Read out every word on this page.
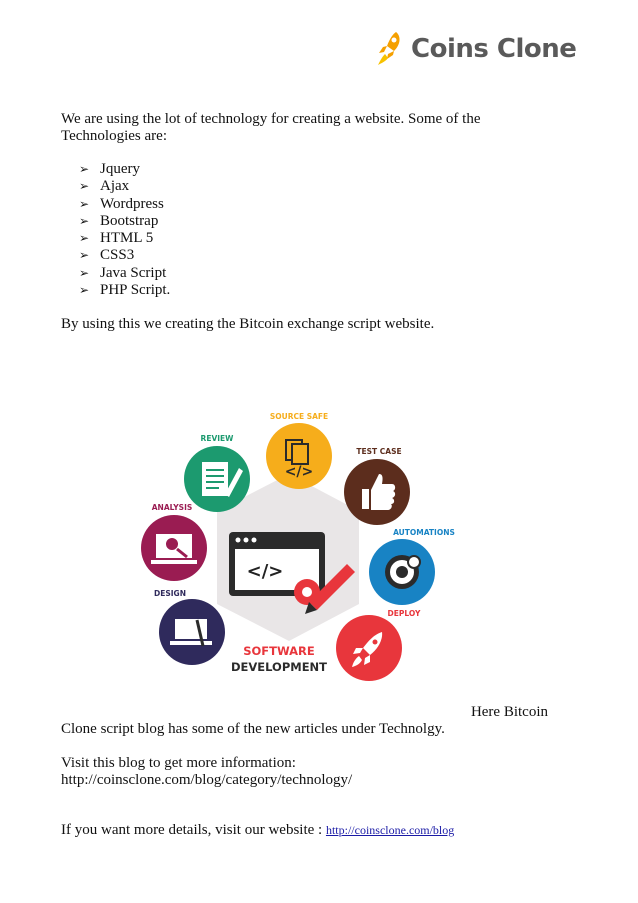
Coins Clone

We are using the lot of technology for creating a website. Some of the Technologies are:

➢ Jquery
➢ Ajax
➢ Wordpress
➢ Bootstrap
➢ HTML 5
➢ CSS3
➢ Java Script
➢ PHP Script.

By using this we creating the Bitcoin exchange script website.

</>
SOFTWARE
DEVELOPMENT
SOURCE SAFE
</>
REVIEW
TEST CASE
ANALYSIS
AUTOMATIONS
DESIGN
DEPLOY
Here Bitcoin

Clone script blog has some of the new articles under Technolgy.

Visit this blog to get more information:

http://coinsclone.com/blog/category/technology/

If you want more details, visit our website : http://coinsclone.com/blog
